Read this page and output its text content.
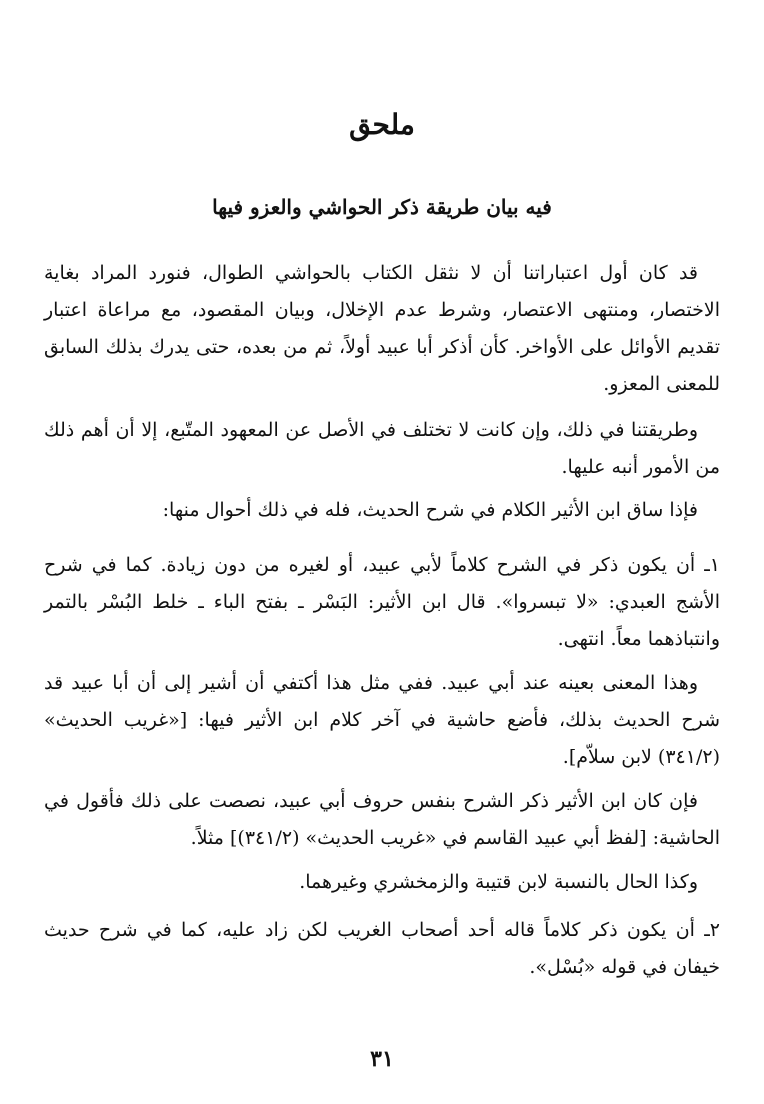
ملحق
فيه بيان طريقة ذكر الحواشي والعزو فيها
قد كان أول اعتباراتنا أن لا نثقل الكتاب بالحواشي الطوال، فنورد المراد بغاية الاختصار، ومنتهى الاعتصار، وشرط عدم الإخلال، وبيان المقصود، مع مراعاة اعتبار تقديم الأوائل على الأواخر. كأن أذكر أبا عبيد أولاً، ثم من بعده، حتى يدرك بذلك السابق للمعنى المعزو.
وطريقتنا في ذلك، وإن كانت لا تختلف في الأصل عن المعهود المتّبع، إلا أن أهم ذلك من الأمور أنبه عليها.
فإذا ساق ابن الأثير الكلام في شرح الحديث، فله في ذلك أحوال منها:
١ـ أن يكون ذكر في الشرح كلاماً لأبي عبيد، أو لغيره من دون زيادة. كما في شرح الأشج العبدي: «لا تبسروا». قال ابن الأثير: البَسْر ـ بفتح الباء ـ خلط البُسْر بالتمر وانتباذهما معاً. انتهى.
وهذا المعنى بعينه عند أبي عبيد. ففي مثل هذا أكتفي أن أشير إلى أن أبا عبيد قد شرح الحديث بذلك، فأضع حاشية في آخر كلام ابن الأثير فيها: [«غريب الحديث» (٣٤١/٢) لابن سلاّم].
فإن كان ابن الأثير ذكر الشرح بنفس حروف أبي عبيد، نصصت على ذلك فأقول في الحاشية: [لفظ أبي عبيد القاسم في «غريب الحديث» (٣٤١/٢)] مثلاً.
وكذا الحال بالنسبة لابن قتيبة والزمخشري وغيرهما.
٢ـ أن يكون ذكر كلاماً قاله أحد أصحاب الغريب لكن زاد عليه، كما في شرح حديث خيفان في قوله «بُسْل».
٣١
